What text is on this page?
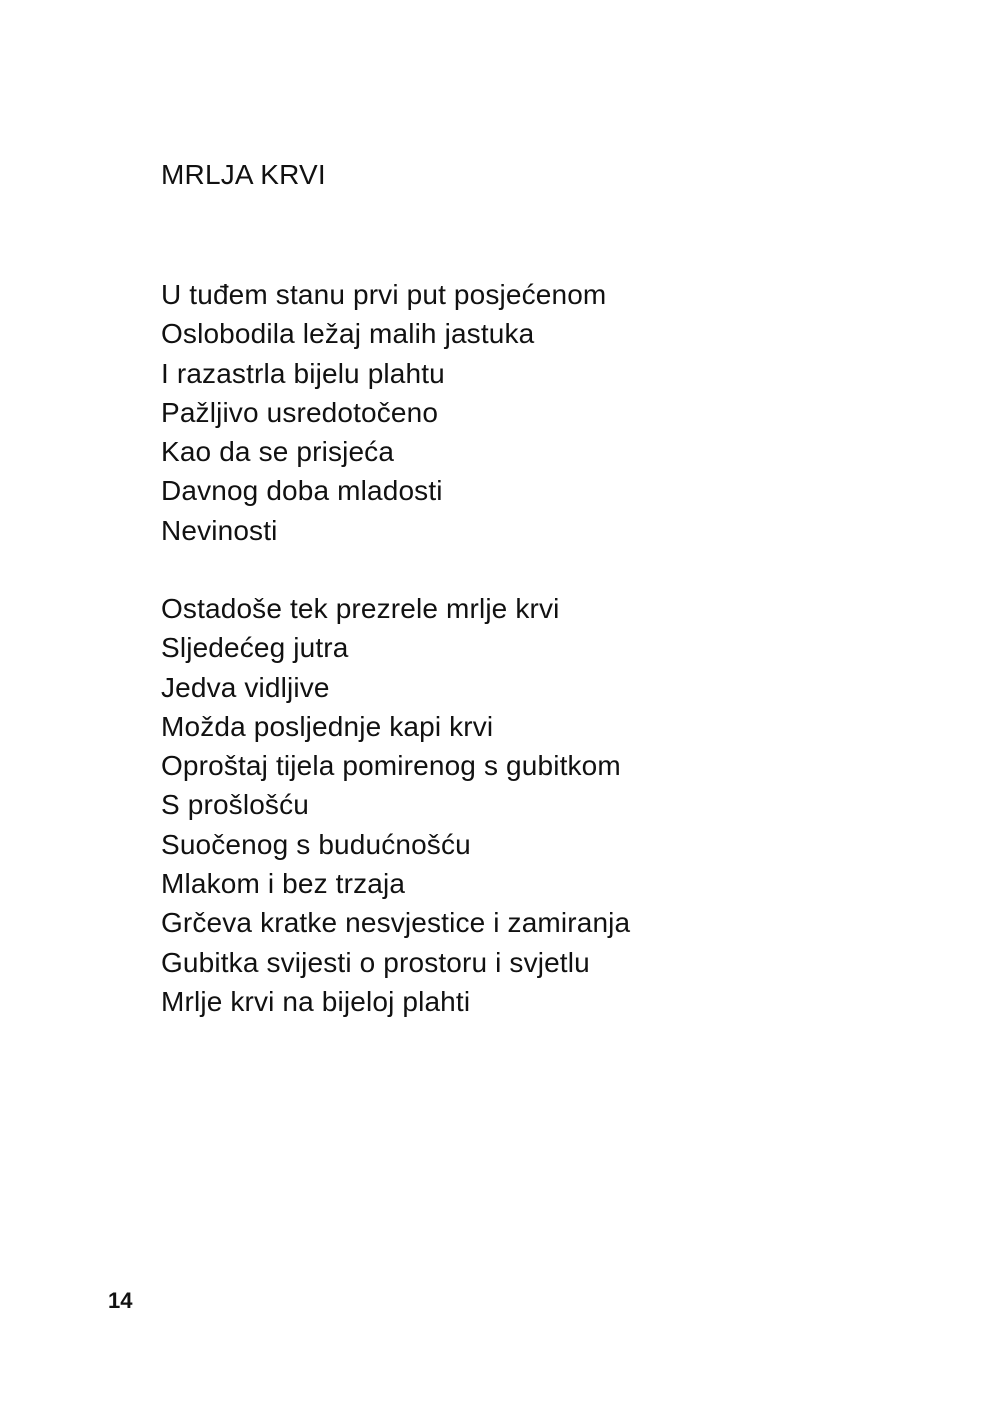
MRLJA KRVI
U tuđem stanu prvi put posjećenom
Oslobodila ležaj malih jastuka
I razastrla bijelu plahtu
Pažljivo usredotočeno
Kao da se prisjeća
Davnog doba mladosti
Nevinosti
Ostadoše tek prezrele mrlje krvi
Sljedećeg jutra
Jedva vidljive
Možda posljednje kapi krvi
Oproštaj tijela pomirenog s gubitkom
S prošlošću
Suočenog s budućnošću
Mlakom i bez trzaja
Grčeva kratke nesvjestice i zamiranja
Gubitka svijesti o prostoru i svjetlu
Mrlje krvi na bijeloj plahti
14
